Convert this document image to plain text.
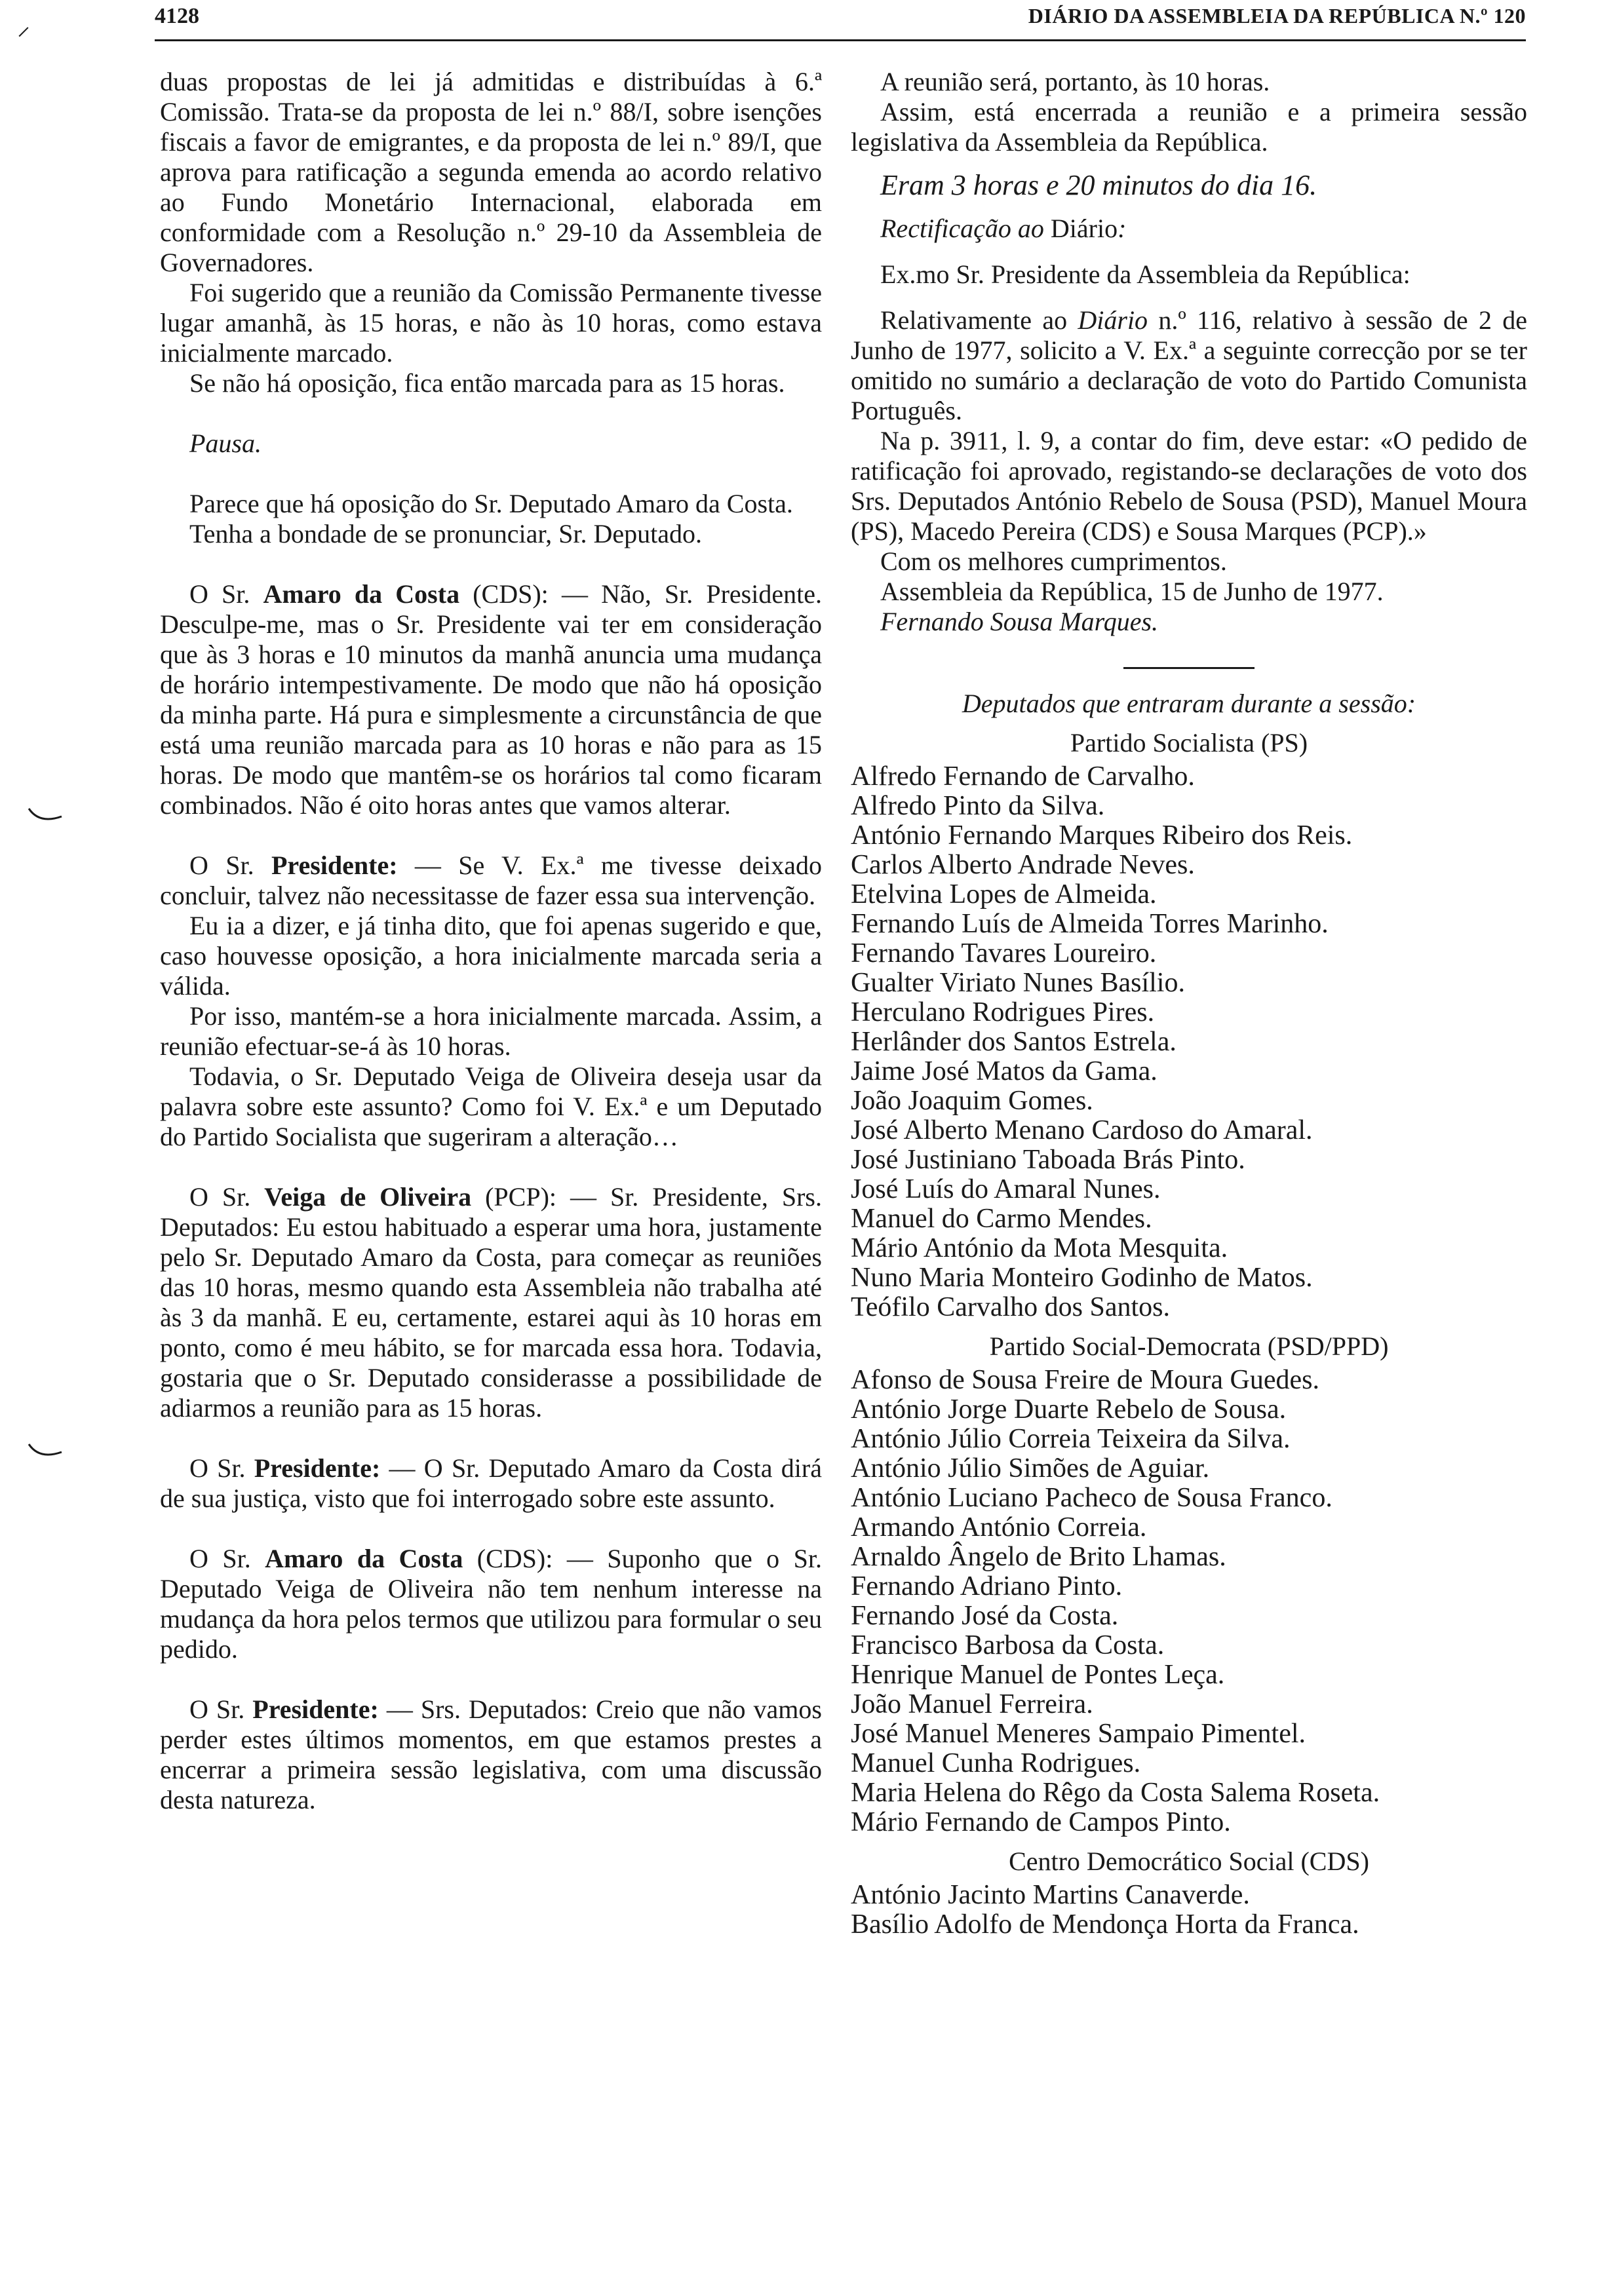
4128	DIÁRIO DA ASSEMBLEIA DA REPÚBLICA N.º 120
⸝

duas propostas de lei já admitidas e distribuídas à 6.ª Comissão. Trata-se da proposta de lei n.º 88/I, sobre isenções fiscais a favor de emigrantes, e da proposta de lei n.º 89/I, que aprova para ratificação a segunda emenda ao acordo relativo ao Fundo Monetário Internacional, elaborada em conformidade com a Resolução n.º 29-10 da Assembleia de Governadores.

Foi sugerido que a reunião da Comissão Permanente tivesse lugar amanhã, às 15 horas, e não às 10 horas, como estava inicialmente marcado.

Se não há oposição, fica então marcada para as 15 horas.

Pausa.

Parece que há oposição do Sr. Deputado Amaro da Costa.

Tenha a bondade de se pronunciar, Sr. Deputado.

O Sr. Amaro da Costa (CDS): — Não, Sr. Presidente. Desculpe-me, mas o Sr. Presidente vai ter em consideração que às 3 horas e 10 minutos da manhã anuncia uma mudança de horário intempestivamente. De modo que não há oposição da minha parte. Há pura e simplesmente a circunstância de que está uma reunião marcada para as 10 horas e não para as 15 horas. De modo que mantêm-se os horários tal como ficaram combinados. Não é oito horas antes que vamos alterar.

O Sr. Presidente: — Se V. Ex.ª me tivesse deixado concluir, talvez não necessitasse de fazer essa sua intervenção.

Eu ia a dizer, e já tinha dito, que foi apenas sugerido e que, caso houvesse oposição, a hora inicialmente marcada seria a válida.

Por isso, mantém-se a hora inicialmente marcada. Assim, a reunião efectuar-se-á às 10 horas.

Todavia, o Sr. Deputado Veiga de Oliveira deseja usar da palavra sobre este assunto? Como foi V. Ex.ª e um Deputado do Partido Socialista que sugeriram a alteração…

O Sr. Veiga de Oliveira (PCP): — Sr. Presidente, Srs. Deputados: Eu estou habituado a esperar uma hora, justamente pelo Sr. Deputado Amaro da Costa, para começar as reuniões das 10 horas, mesmo quando esta Assembleia não trabalha até às 3 da manhã. E eu, certamente, estarei aqui às 10 horas em ponto, como é meu hábito, se for marcada essa hora. Todavia, gostaria que o Sr. Deputado considerasse a possibilidade de adiarmos a reunião para as 15 horas.

O Sr. Presidente: — O Sr. Deputado Amaro da Costa dirá de sua justiça, visto que foi interrogado sobre este assunto.

O Sr. Amaro da Costa (CDS): — Suponho que o Sr. Deputado Veiga de Oliveira não tem nenhum interesse na mudança da hora pelos termos que utilizou para formular o seu pedido.

O Sr. Presidente: — Srs. Deputados: Creio que não vamos perder estes últimos momentos, em que estamos prestes a encerrar a primeira sessão legislativa, com uma discussão desta natureza.

A reunião será, portanto, às 10 horas.

Assim, está encerrada a reunião e a primeira sessão legislativa da Assembleia da República.

Eram 3 horas e 20 minutos do dia 16.

Rectificação ao Diário:

Ex.mo Sr. Presidente da Assembleia da República:

Relativamente ao Diário n.º 116, relativo à sessão de 2 de Junho de 1977, solicito a V. Ex.ª a seguinte correcção por se ter omitido no sumário a declaração de voto do Partido Comunista Português.

Na p. 3911, l. 9, a contar do fim, deve estar: «O pedido de ratificação foi aprovado, registando-se declarações de voto dos Srs. Deputados António Rebelo de Sousa (PSD), Manuel Moura (PS), Macedo Pereira (CDS) e Sousa Marques (PCP).»

Com os melhores cumprimentos.

Assembleia da República, 15 de Junho de 1977.

Fernando Sousa Marques.

Deputados que entraram durante a sessão:
Partido Socialista (PS)
Alfredo Fernando de Carvalho.
Alfredo Pinto da Silva.
António Fernando Marques Ribeiro dos Reis.
Carlos Alberto Andrade Neves.
Etelvina Lopes de Almeida.
Fernando Luís de Almeida Torres Marinho.
Fernando Tavares Loureiro.
Gualter Viriato Nunes Basílio.
Herculano Rodrigues Pires.
Herlânder dos Santos Estrela.
Jaime José Matos da Gama.
João Joaquim Gomes.
José Alberto Menano Cardoso do Amaral.
José Justiniano Taboada Brás Pinto.
José Luís do Amaral Nunes.
Manuel do Carmo Mendes.
Mário António da Mota Mesquita.
Nuno Maria Monteiro Godinho de Matos.
Teófilo Carvalho dos Santos.
Partido Social-Democrata (PSD/PPD)
Afonso de Sousa Freire de Moura Guedes.
António Jorge Duarte Rebelo de Sousa.
António Júlio Correia Teixeira da Silva.
António Júlio Simões de Aguiar.
António Luciano Pacheco de Sousa Franco.
Armando António Correia.
Arnaldo Ângelo de Brito Lhamas.
Fernando Adriano Pinto.
Fernando José da Costa.
Francisco Barbosa da Costa.
Henrique Manuel de Pontes Leça.
João Manuel Ferreira.
José Manuel Meneres Sampaio Pimentel.
Manuel Cunha Rodrigues.
Maria Helena do Rêgo da Costa Salema Roseta.
Mário Fernando de Campos Pinto.
Centro Democrático Social (CDS)
António Jacinto Martins Canaverde.
Basílio Adolfo de Mendonça Horta da Franca.
